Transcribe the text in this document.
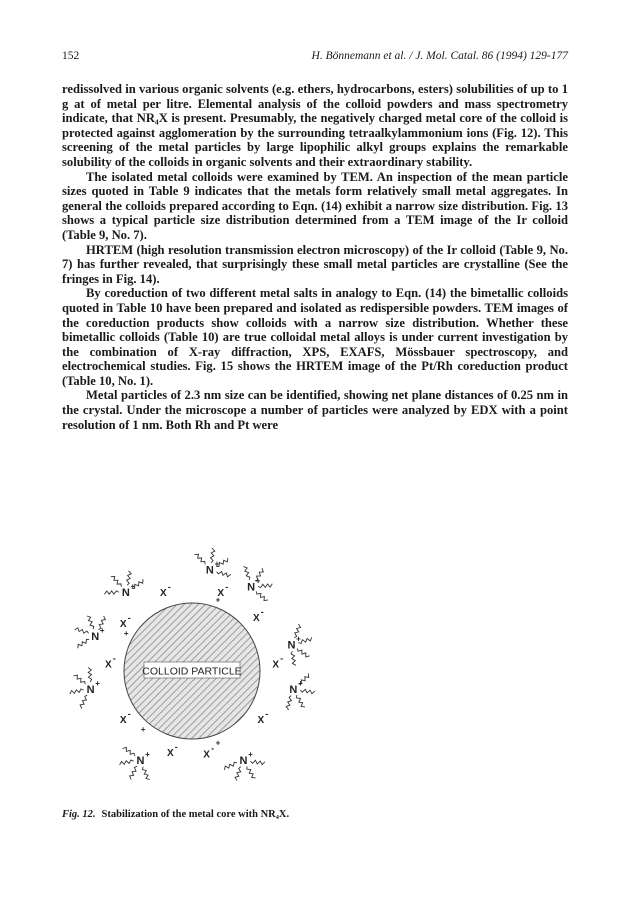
152	H. Bönnemann et al. / J. Mol. Catal. 86 (1994) 129-177

redissolved in various organic solvents (e.g. ethers, hydrocarbons, esters) solubilities of up to 1 g at of metal per litre. Elemental analysis of the colloid powders and mass spectrometry indicate, that NR₄X is present. Presumably, the negatively charged metal core of the colloid is protected against agglomeration by the surrounding tetraalkylammonium ions (Fig. 12). This screening of the metal particles by large lipophilic alkyl groups explains the remarkable solubility of the colloids in organic solvents and their extraordinary stability.

The isolated metal colloids were examined by TEM. An inspection of the mean particle sizes quoted in Table 9 indicates that the metals form relatively small metal aggregates. In general the colloids prepared according to Eqn. (14) exhibit a narrow size distribution. Fig. 13 shows a typical particle size distribution determined from a TEM image of the Ir colloid (Table 9, No. 7).

HRTEM (high resolution transmission electron microscopy) of the Ir colloid (Table 9, No. 7) has further revealed, that surprisingly these small metal particles are crystalline (See the fringes in Fig. 14).

By coreduction of two different metal salts in analogy to Eqn. (14) the bimetallic colloids quoted in Table 10 have been prepared and isolated as redispersible powders. TEM images of the coreduction products show colloids with a narrow size distribution. Whether these bimetallic colloids (Table 10) are true colloidal metal alloys is under current investigation by the combination of X-ray diffraction, XPS, EXAFS, Mössbauer spectroscopy, and electrochemical studies. Fig. 15 shows the HRTEM image of the Pt/Rh coreduction product (Table 10, No. 1).

Metal particles of 2.3 nm size can be identified, showing net plane distances of 0.25 nm in the crystal. Under the microscope a number of particles were analyzed by EDX with a point resolution of 1 nm. Both Rh and Pt were

COLLOID PARTICLE
N
+
N
+
N
+
N
+
N
+
N
+
N
+
N
+
N
+
X
-
X
-
X
-
X
-
X
-
X
-
X
-
X
-
X
-
X
-
+
+
+
+
Fig. 12. Stabilization of the metal core with NR₄X.
